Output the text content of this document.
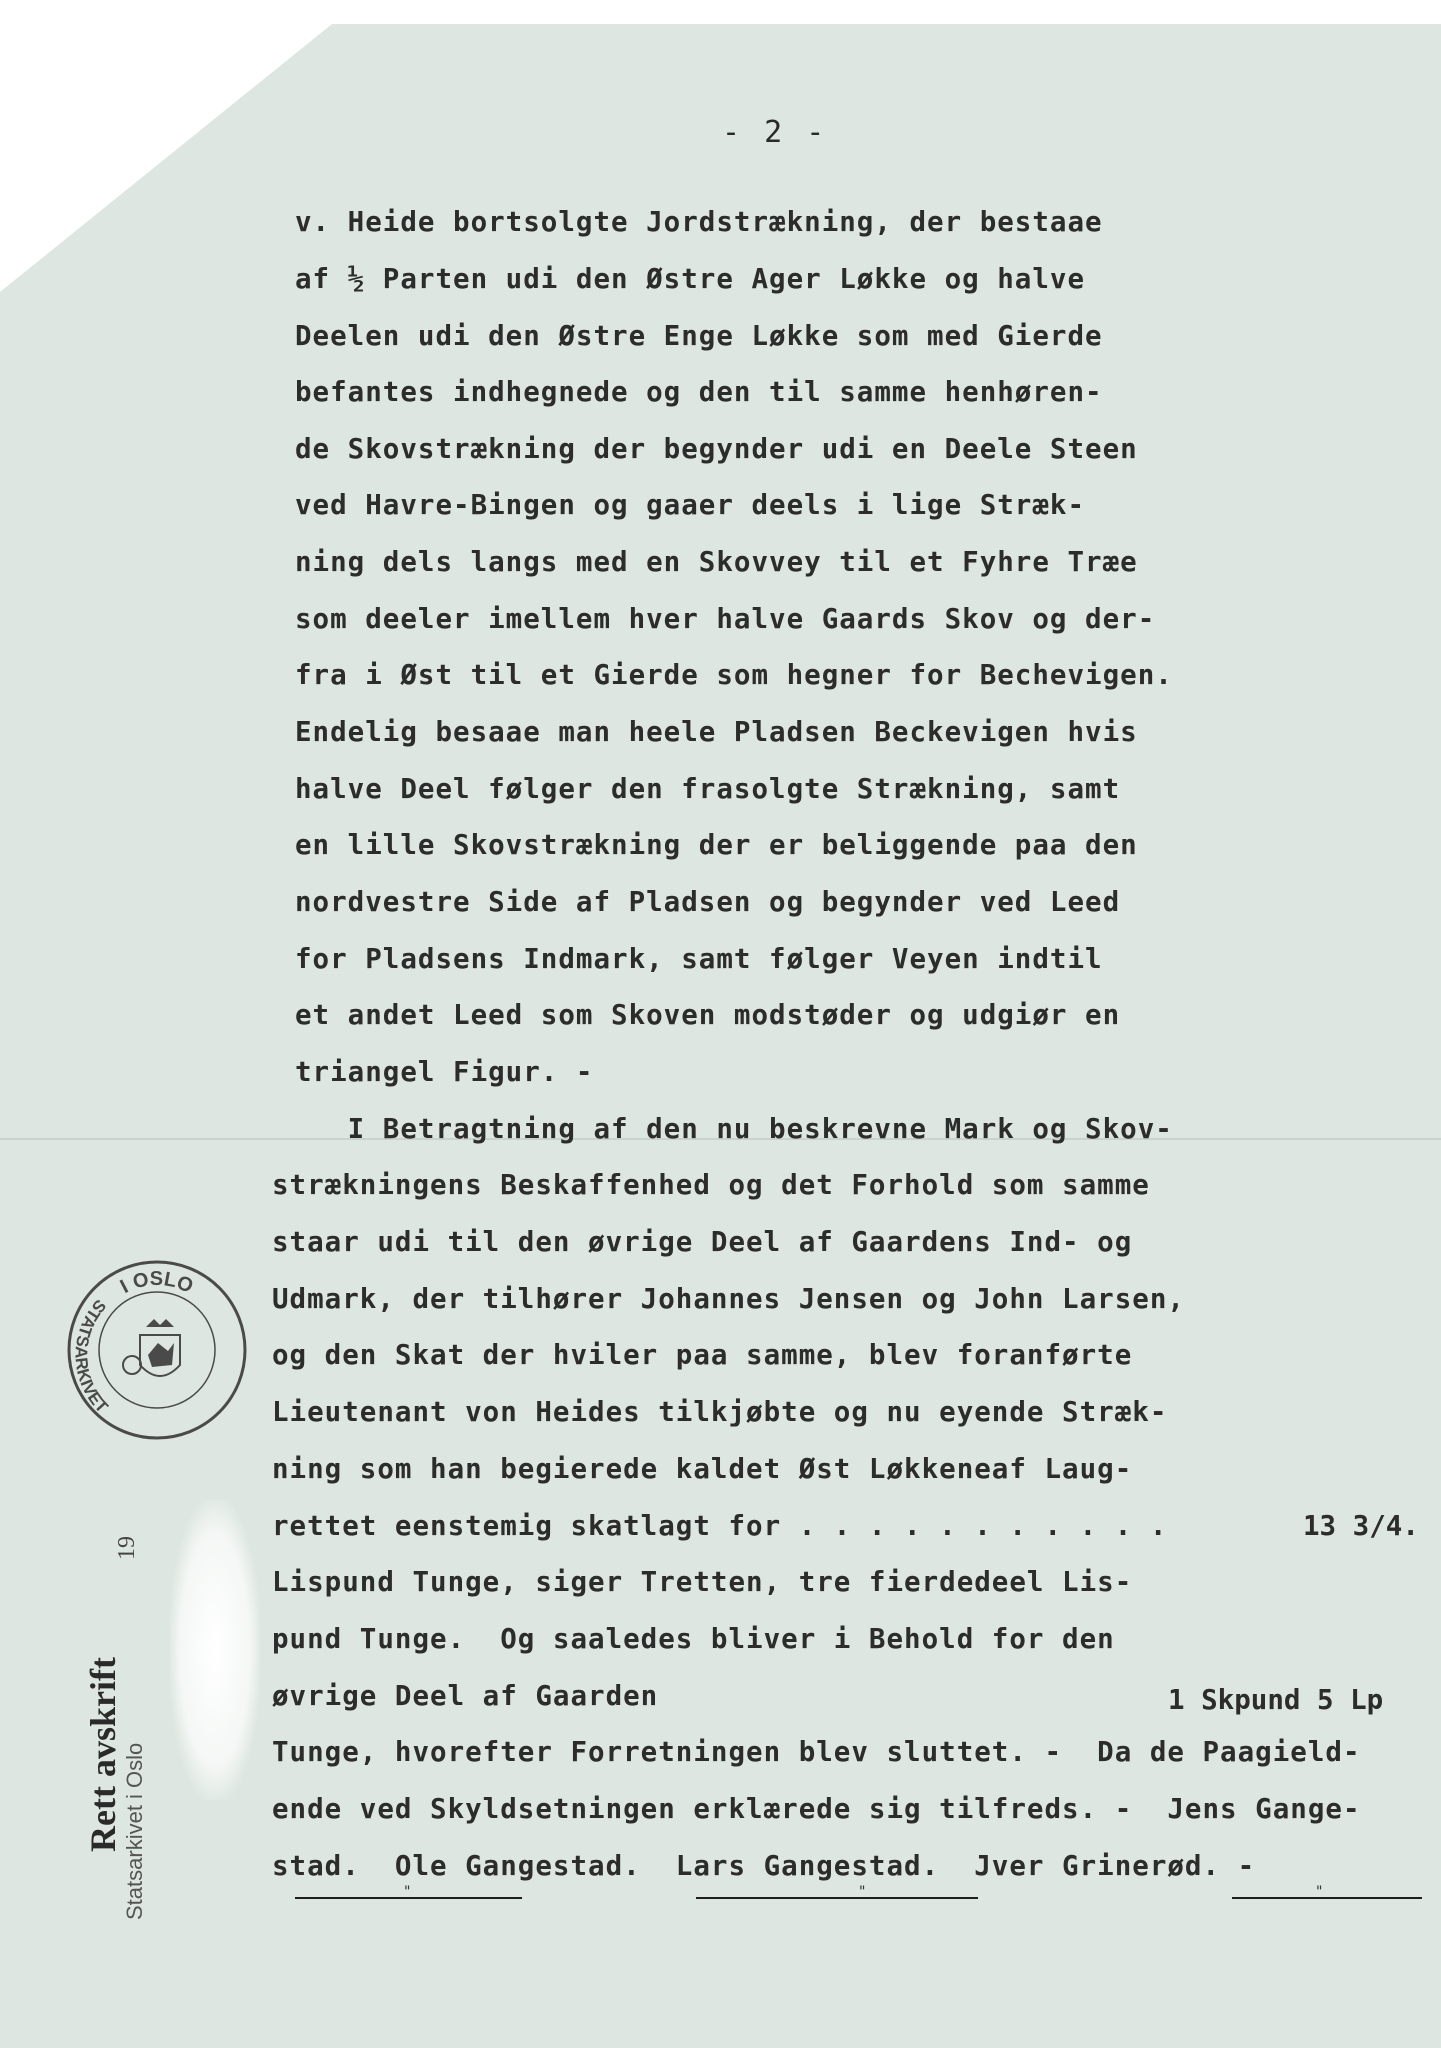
- 2 -
v. Heide bortsolgte Jordstrækning, der bestaae
af ½ Parten udi den Østre Ager Løkke og halve
Deelen udi den Østre Enge Løkke som med Gierde
befantes indhegnede og den til samme henhøren-
de Skovstrækning der begynder udi en Deele Steen
ved Havre-Bingen og gaaer deels i lige Stræk-
ning dels langs med en Skovvey til et Fyhre Træe
som deeler imellem hver halve Gaards Skov og der-
fra i Øst til et Gierde som hegner for Bechevigen.
Endelig besaae man heele Pladsen Beckevigen hvis
halve Deel følger den frasolgte Strækning, samt
en lille Skovstrækning der er beliggende paa den
nordvestre Side af Pladsen og begynder ved Leed
for Pladsens Indmark, samt følger Veyen indtil
et andet Leed som Skoven modstøder og udgiør en
triangel Figur. -
I Betragtning af den nu beskrevne Mark og Skov-
strækningens Beskaffenhed og det Forhold som samme
staar udi til den øvrige Deel af Gaardens Ind- og
Udmark, der tilhører Johannes Jensen og John Larsen,
og den Skat der hviler paa samme, blev foranførte
Lieutenant von Heides tilkjøbte og nu eyende Stræk-
ning som han begierede kaldet Øst Løkkeneaf Laug-
rettet eenstemig skatlagt for . . . . . . . . . . .
Lispund Tunge, siger Tretten, tre fierdedeel Lis-
pund Tunge.  Og saaledes bliver i Behold for den
øvrige Deel af Gaarden
Tunge, hvorefter Forretningen blev sluttet. -  Da de Paagield-
ende ved Skyldsetningen erklærede sig tilfreds. -  Jens Gange-
stad.  Ole Gangestad.  Lars Gangestad.  Jver Grinerød. -
13 3/4.
1 Skpund 5 Lp
"	"	"
I OSLO
STATSARKIVET

Rett avskrift Statsarkivet i Oslo
19
